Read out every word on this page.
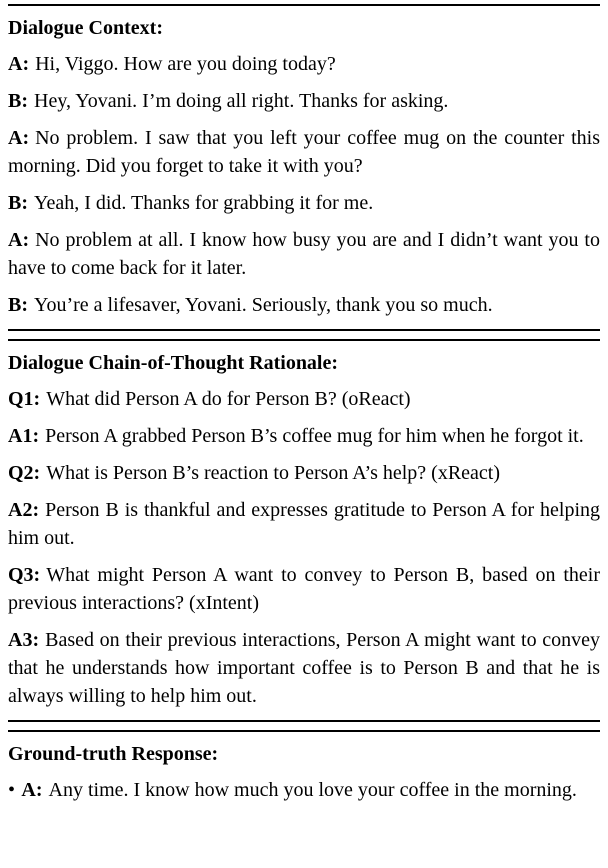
Dialogue Context:

A: Hi, Viggo. How are you doing today?

B: Hey, Yovani. I’m doing all right. Thanks for asking.

A: No problem. I saw that you left your coffee mug on the counter this morning. Did you forget to take it with you?

B: Yeah, I did. Thanks for grabbing it for me.

A: No problem at all. I know how busy you are and I didn’t want you to have to come back for it later.

B: You’re a lifesaver, Yovani. Seriously, thank you so much.

Dialogue Chain-of-Thought Rationale:

Q1: What did Person A do for Person B? (oReact)

A1: Person A grabbed Person B’s coffee mug for him when he forgot it.

Q2: What is Person B’s reaction to Person A’s help? (xReact)

A2: Person B is thankful and expresses gratitude to Person A for helping him out.

Q3: What might Person A want to convey to Person B, based on their previous interactions? (xIntent)

A3: Based on their previous interactions, Person A might want to convey that he understands how important coffee is to Person B and that he is always willing to help him out.

Ground-truth Response:

• A: Any time. I know how much you love your coffee in the morning.
